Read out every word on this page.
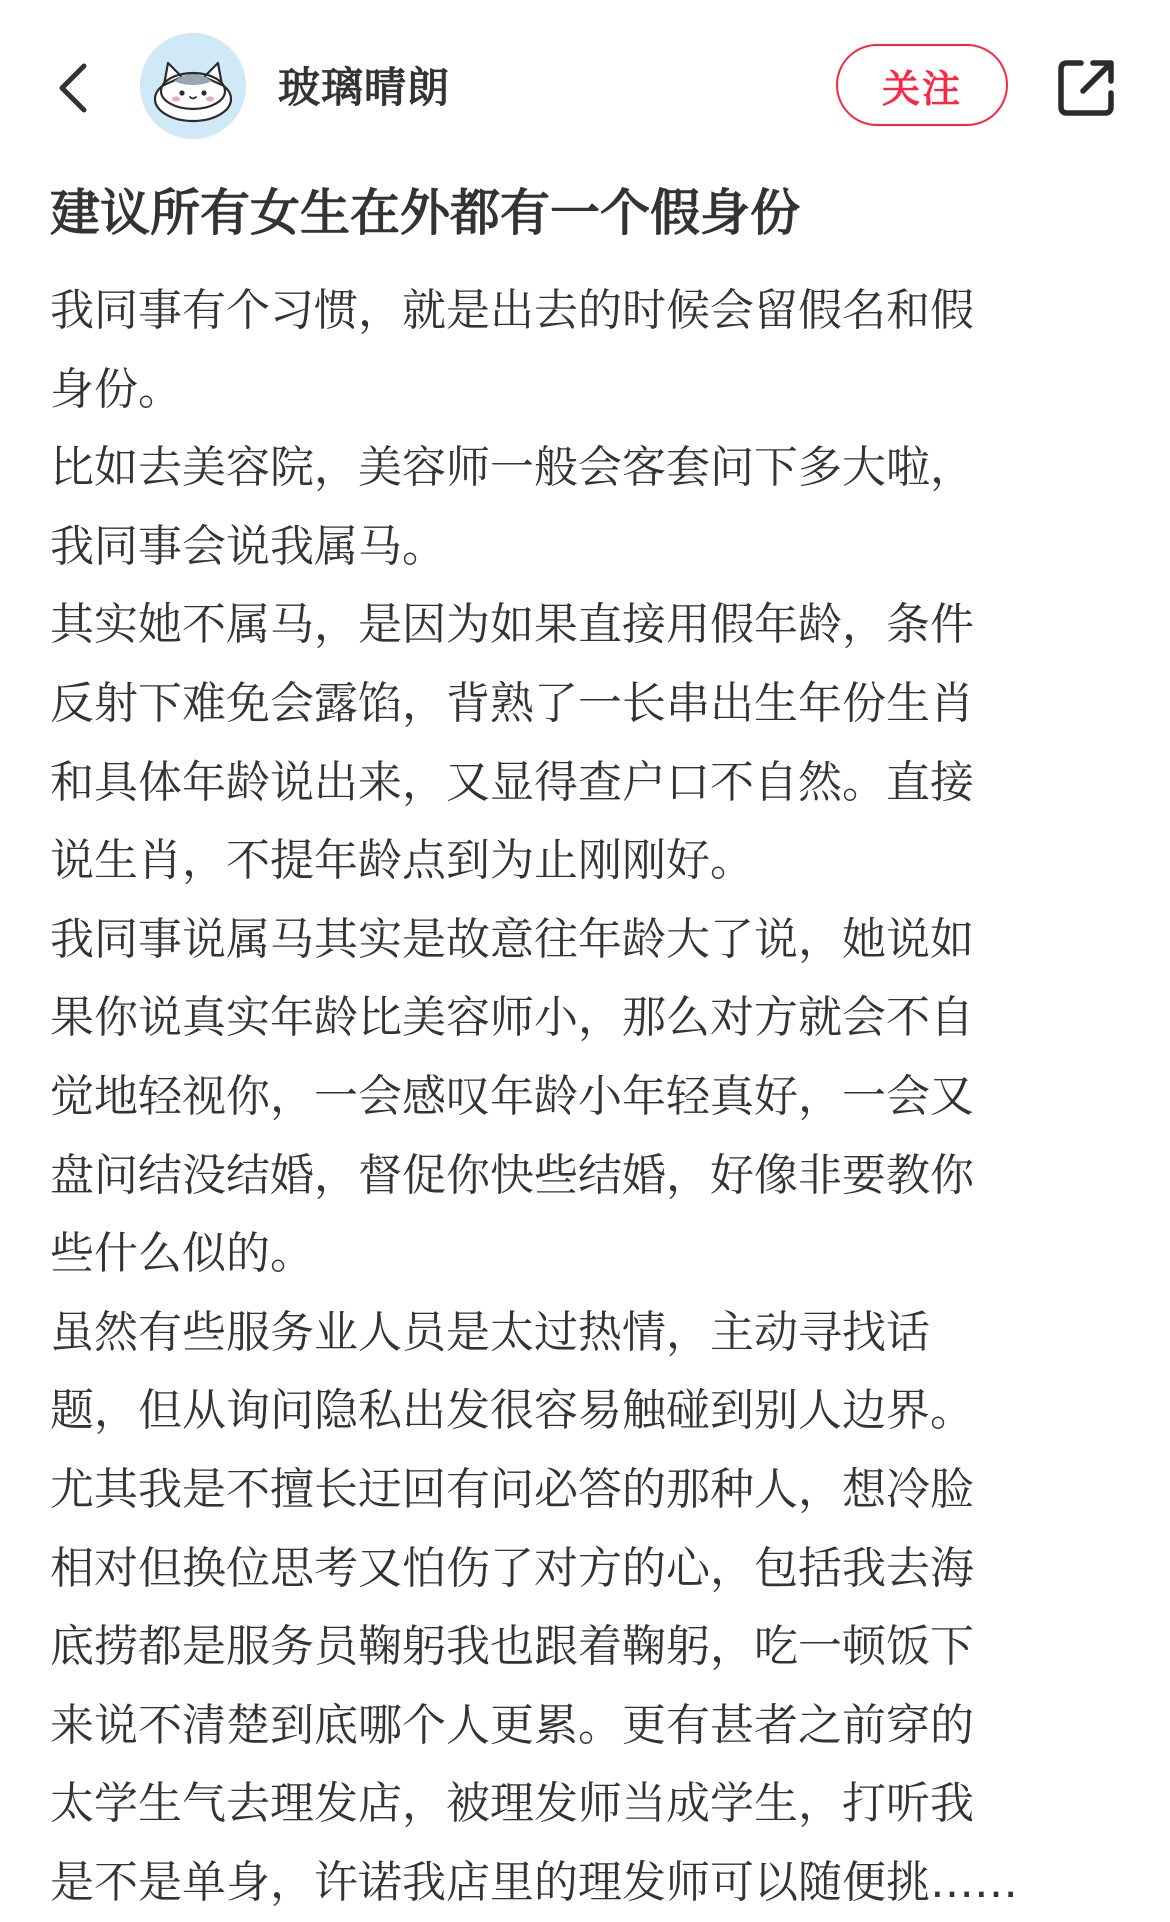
玻璃晴朗	关注
建议所有女生在外都有一个假身份
我同事有个习惯，就是出去的时候会留假名和假
身份。
比如去美容院，美容师一般会客套问下多大啦，
我同事会说我属马。
其实她不属马，是因为如果直接用假年龄，条件
反射下难免会露馅，背熟了一长串出生年份生肖
和具体年龄说出来，又显得查户口不自然。直接
说生肖，不提年龄点到为止刚刚好。
我同事说属马其实是故意往年龄大了说，她说如
果你说真实年龄比美容师小，那么对方就会不自
觉地轻视你，一会感叹年龄小年轻真好，一会又
盘问结没结婚，督促你快些结婚，好像非要教你
些什么似的。
虽然有些服务业人员是太过热情，主动寻找话
题，但从询问隐私出发很容易触碰到别人边界。
尤其我是不擅长迂回有问必答的那种人，想冷脸
相对但换位思考又怕伤了对方的心，包括我去海
底捞都是服务员鞠躬我也跟着鞠躬，吃一顿饭下
来说不清楚到底哪个人更累。更有甚者之前穿的
太学生气去理发店，被理发师当成学生，打听我
是不是单身，许诺我店里的理发师可以随便挑……
